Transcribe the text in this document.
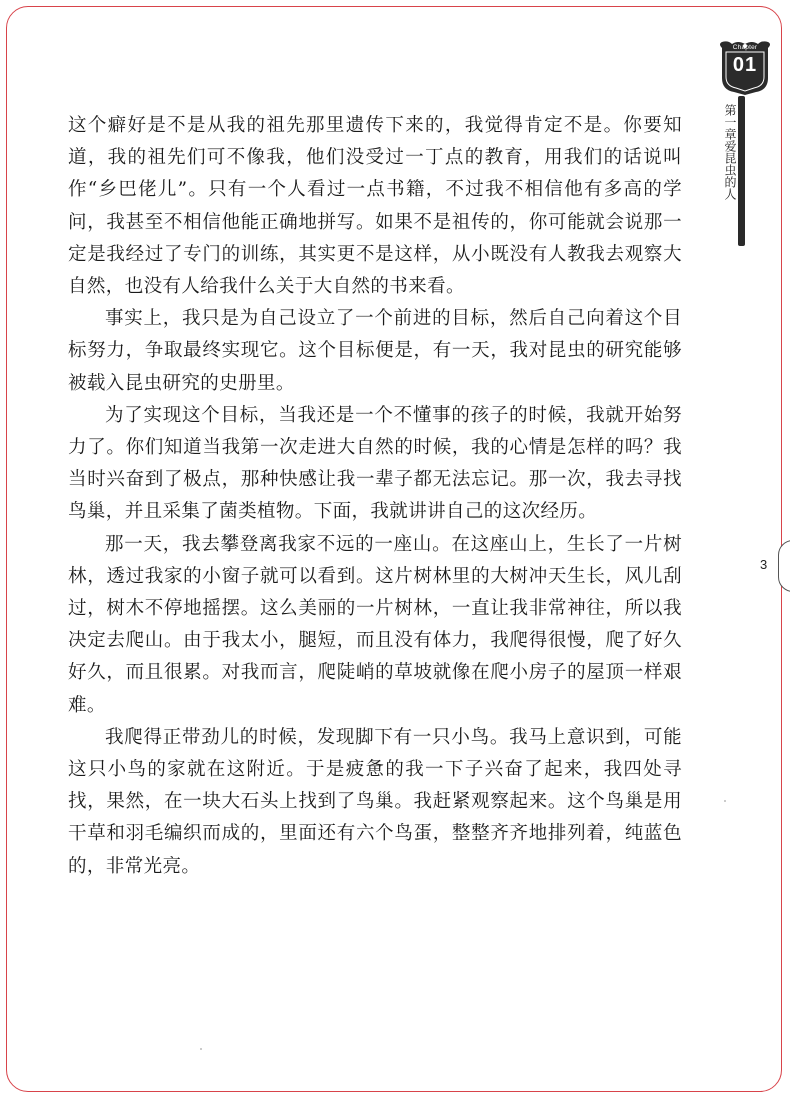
Chapter
01
第一章
爱昆虫的人
3

这个癖好是不是从我的祖先那里遗传下来的，我觉得肯定不是。你要知道，我的祖先们可不像我，他们没受过一丁点的教育，用我们的话说叫作“乡巴佬儿”。只有一个人看过一点书籍，不过我不相信他有多高的学问，我甚至不相信他能正确地拼写。如果不是祖传的，你可能就会说那一定是我经过了专门的训练，其实更不是这样，从小既没有人教我去观察大自然，也没有人给我什么关于大自然的书来看。

事实上，我只是为自己设立了一个前进的目标，然后自己向着这个目标努力，争取最终实现它。这个目标便是，有一天，我对昆虫的研究能够被载入昆虫研究的史册里。

为了实现这个目标，当我还是一个不懂事的孩子的时候，我就开始努力了。你们知道当我第一次走进大自然的时候，我的心情是怎样的吗？我当时兴奋到了极点，那种快感让我一辈子都无法忘记。那一次，我去寻找鸟巢，并且采集了菌类植物。下面，我就讲讲自己的这次经历。

那一天，我去攀登离我家不远的一座山。在这座山上，生长了一片树林，透过我家的小窗子就可以看到。这片树林里的大树冲天生长，风儿刮过，树木不停地摇摆。这么美丽的一片树林，一直让我非常神往，所以我决定去爬山。由于我太小，腿短，而且没有体力，我爬得很慢，爬了好久好久，而且很累。对我而言，爬陡峭的草坡就像在爬小房子的屋顶一样艰难。

我爬得正带劲儿的时候，发现脚下有一只小鸟。我马上意识到，可能这只小鸟的家就在这附近。于是疲惫的我一下子兴奋了起来，我四处寻找，果然，在一块大石头上找到了鸟巢。我赶紧观察起来。这个鸟巢是用干草和羽毛编织而成的，里面还有六个鸟蛋，整整齐齐地排列着，纯蓝色的，非常光亮。
